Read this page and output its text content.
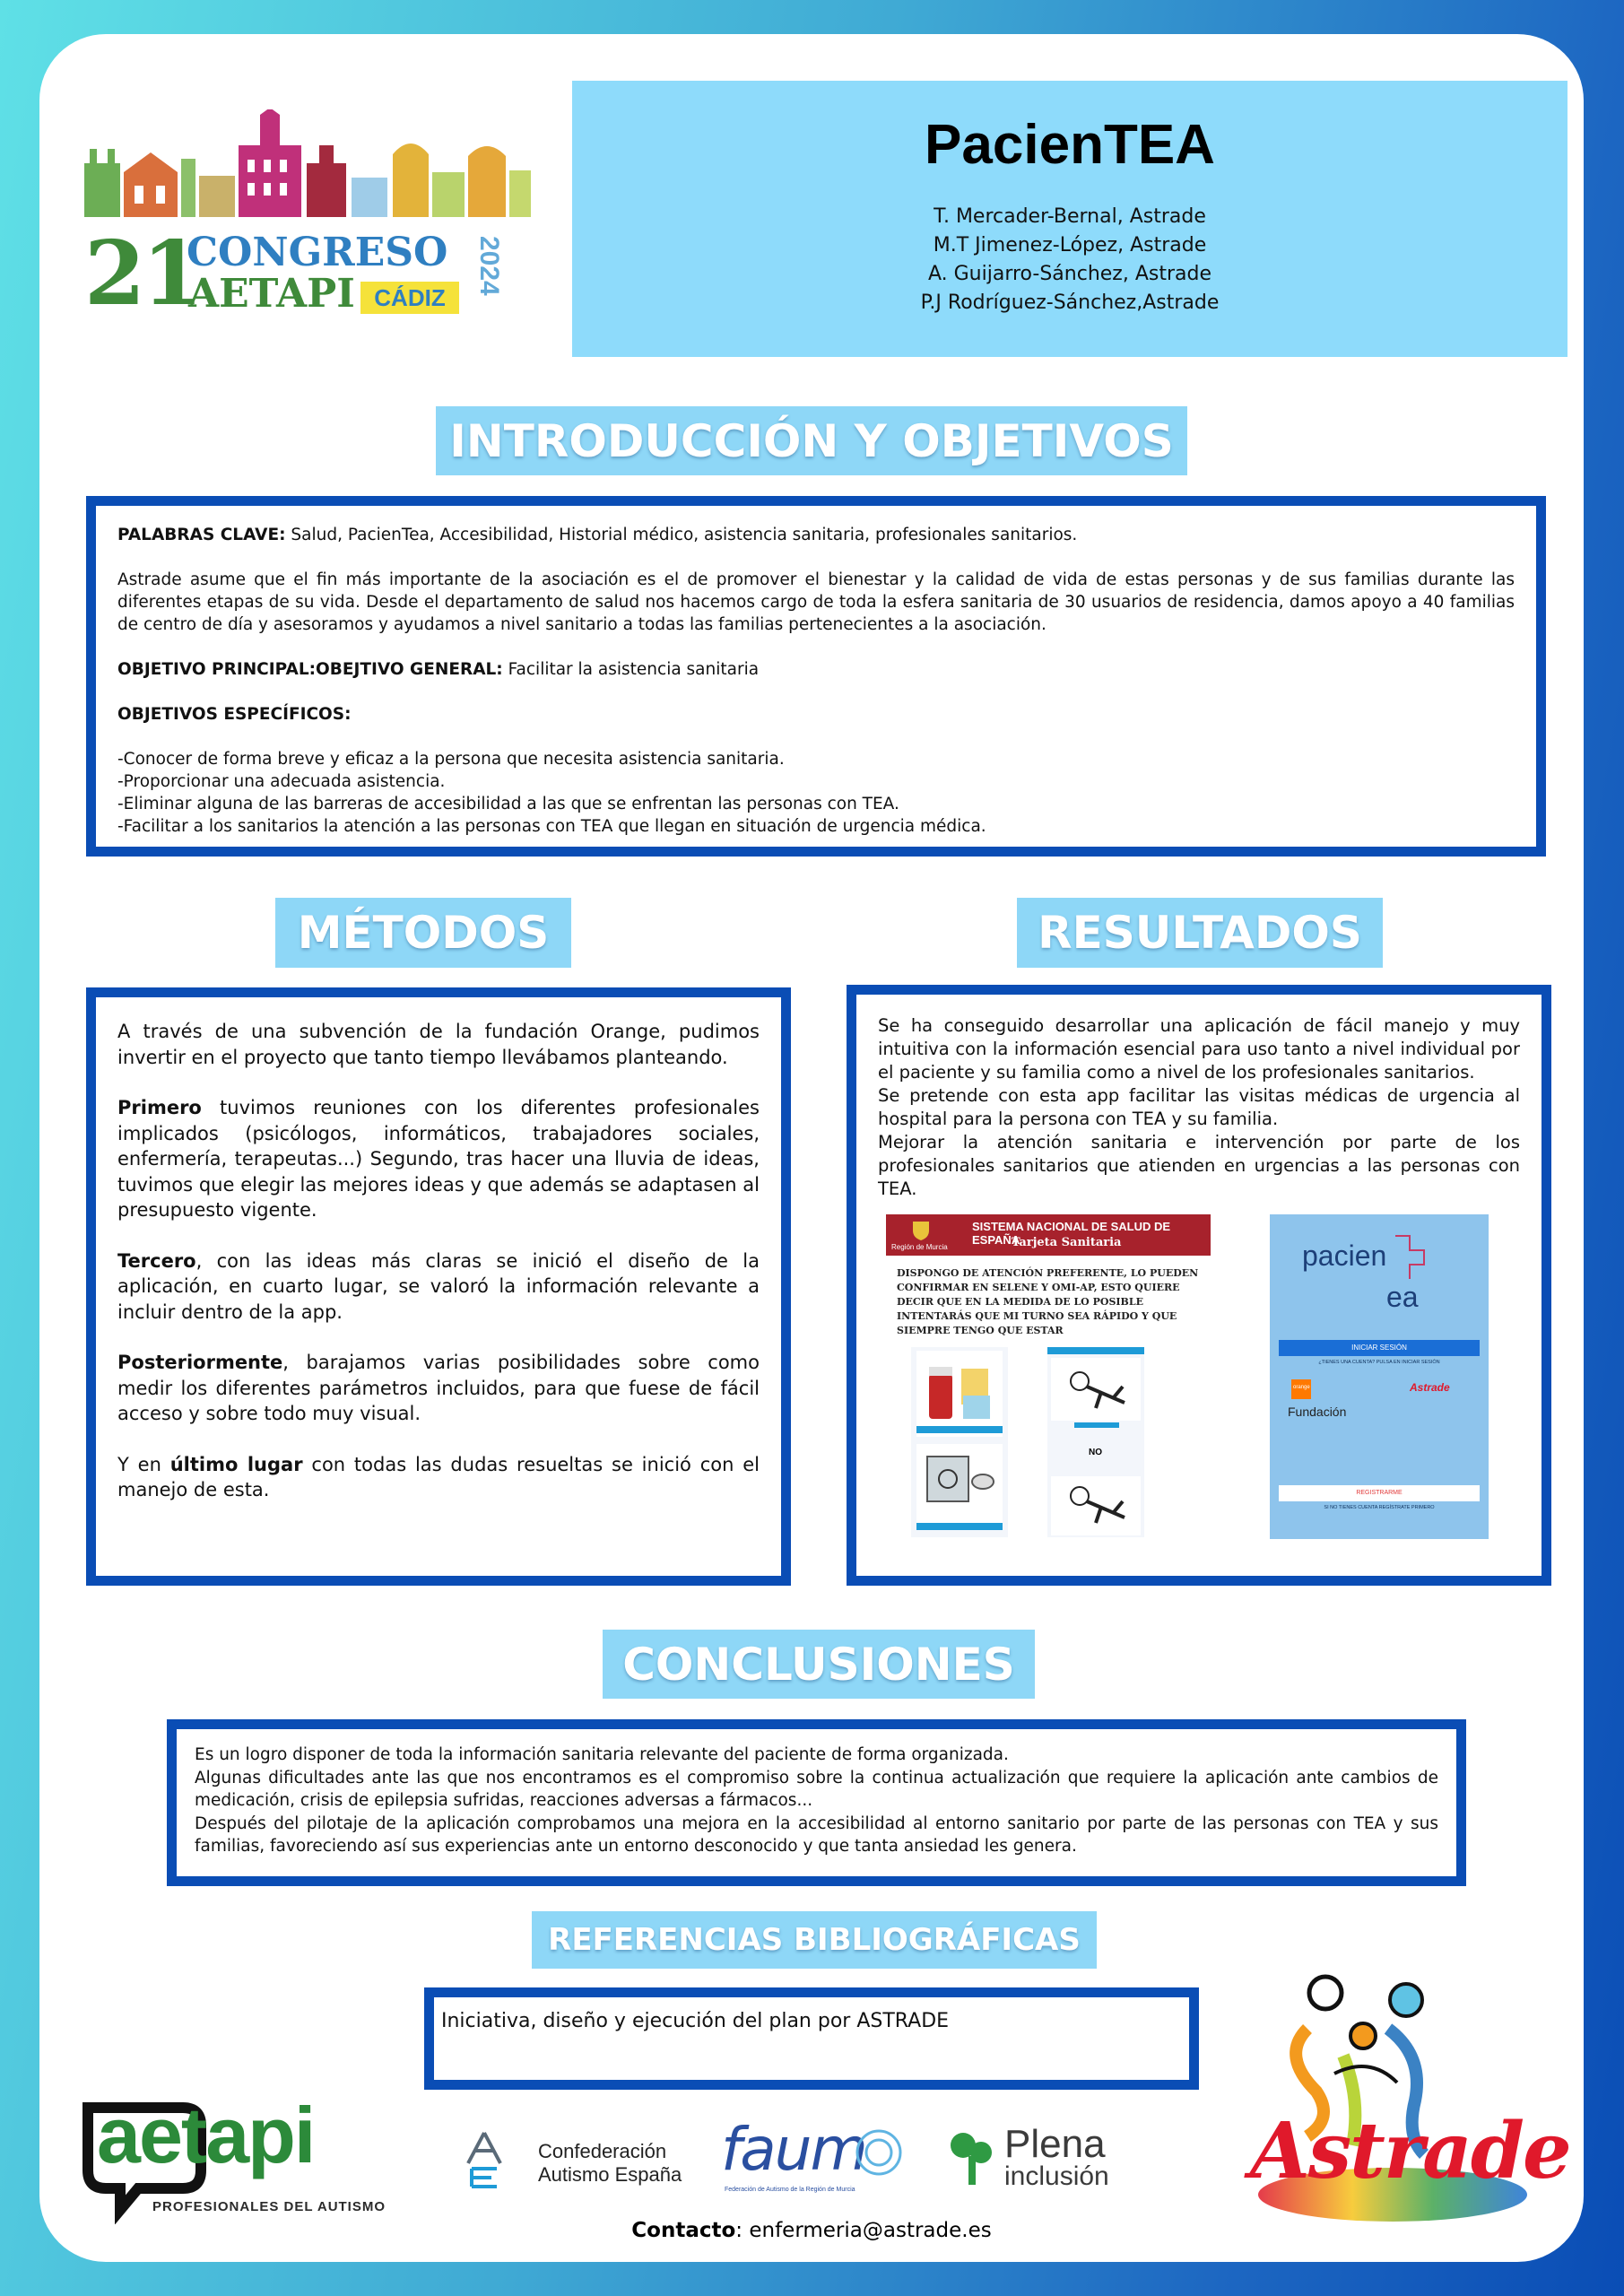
21
CONGRESO
AETAPI CÁDIZ
2024
PacienTEA
T. Mercader-Bernal, Astrade
M.T Jimenez-López, Astrade
A. Guijarro-Sánchez, Astrade
P.J Rodríguez-Sánchez,Astrade
INTRODUCCIÓN Y OBJETIVOS

PALABRAS CLAVE: Salud, PacienTea, Accesibilidad, Historial médico, asistencia sanitaria, profesionales sanitarios.

Astrade asume que el fin más importante de la asociación es el de promover el bienestar y la calidad de vida de estas personas y de sus familias durante las diferentes etapas de su vida. Desde el departamento de salud nos hacemos cargo de toda la esfera sanitaria de 30 usuarios de residencia, damos apoyo a 40 familias de centro de día y asesoramos y ayudamos a nivel sanitario a todas las familias pertenecientes a la asociación.

OBJETIVO PRINCIPAL:OBEJTIVO GENERAL: Facilitar la asistencia sanitaria

OBJETIVOS ESPECÍFICOS:

-Conocer de forma breve y eficaz a la persona que necesita asistencia sanitaria.

-Proporcionar una adecuada asistencia.

-Eliminar alguna de las barreras de accesibilidad a las que se enfrentan las personas con TEA.

-Facilitar a los sanitarios la atención a las personas con TEA que llegan en situación de urgencia médica.

MÉTODOS

A través de una subvención de la fundación Orange, pudimos invertir en el proyecto que tanto tiempo llevábamos planteando.

Primero tuvimos reuniones con los diferentes profesionales implicados (psicólogos, informáticos, trabajadores sociales, enfermería, terapeutas...) Segundo, tras hacer una lluvia de ideas, tuvimos que elegir las mejores ideas y que además se adaptasen al presupuesto vigente.

Tercero, con las ideas más claras se inició el diseño de la aplicación, en cuarto lugar, se valoró la información relevante a incluir dentro de la app.

Posteriormente, barajamos varias posibilidades sobre como medir los diferentes parámetros incluidos, para que fuese de fácil acceso y sobre todo muy visual.

Y en último lugar con todas las dudas resueltas se inició con el manejo de esta.

RESULTADOS

Se ha conseguido desarrollar una aplicación de fácil manejo y muy intuitiva con la información esencial para uso tanto a nivel individual por el paciente y su familia como a nivel de los profesionales sanitarios.

Se pretende con esta app facilitar las visitas médicas de urgencia al hospital para la persona con TEA y su familia.

Mejorar la atención sanitaria e intervención por parte de los profesionales sanitarios que atienden en urgencias a las personas con TEA.

SISTEMA NACIONAL DE SALUD DE ESPAÑA
Tarjeta Sanitaria
Región de Murcia
DISPONGO DE ATENCIÓN PREFERENTE, LO PUEDEN CONFIRMAR EN SELENE Y OMI-AP, ESTO QUIERE DECIR QUE EN LA MEDIDA DE LO POSIBLE INTENTARÁS QUE MI TURNO SEA RÁPIDO Y QUE SIEMPRE TENGO QUE ESTAR
NO
pacien
ea
INICIAR SESIÓN
¿TIENES UNA CUENTA? PULSA EN INICIAR SESIÓN
orange
Fundación
Astrade
REGISTRARME
SI NO TIENES CUENTA REGÍSTRATE PRIMERO
CONCLUSIONES

Es un logro disponer de toda la información sanitaria relevante del paciente de forma organizada.

Algunas dificultades ante las que nos encontramos es el compromiso sobre la continua actualización que requiere la aplicación ante cambios de medicación, crisis de epilepsia sufridas, reacciones adversas a fármacos...

Después del pilotaje de la aplicación comprobamos una mejora en la accesibilidad al entorno sanitario por parte de las personas con TEA y sus familias, favoreciendo así sus experiencias ante un entorno desconocido y que tanta ansiedad les genera.

REFERENCIAS BIBLIOGRÁFICAS

Iniciativa, diseño y ejecución del plan por ASTRADE

Astrade
aetapi
PROFESIONALES DEL AUTISMO
Confederación
Autismo España faum
Federación de Autismo de la Región de Murcia
Plena
inclusión
Contacto: enfermeria@astrade.es
